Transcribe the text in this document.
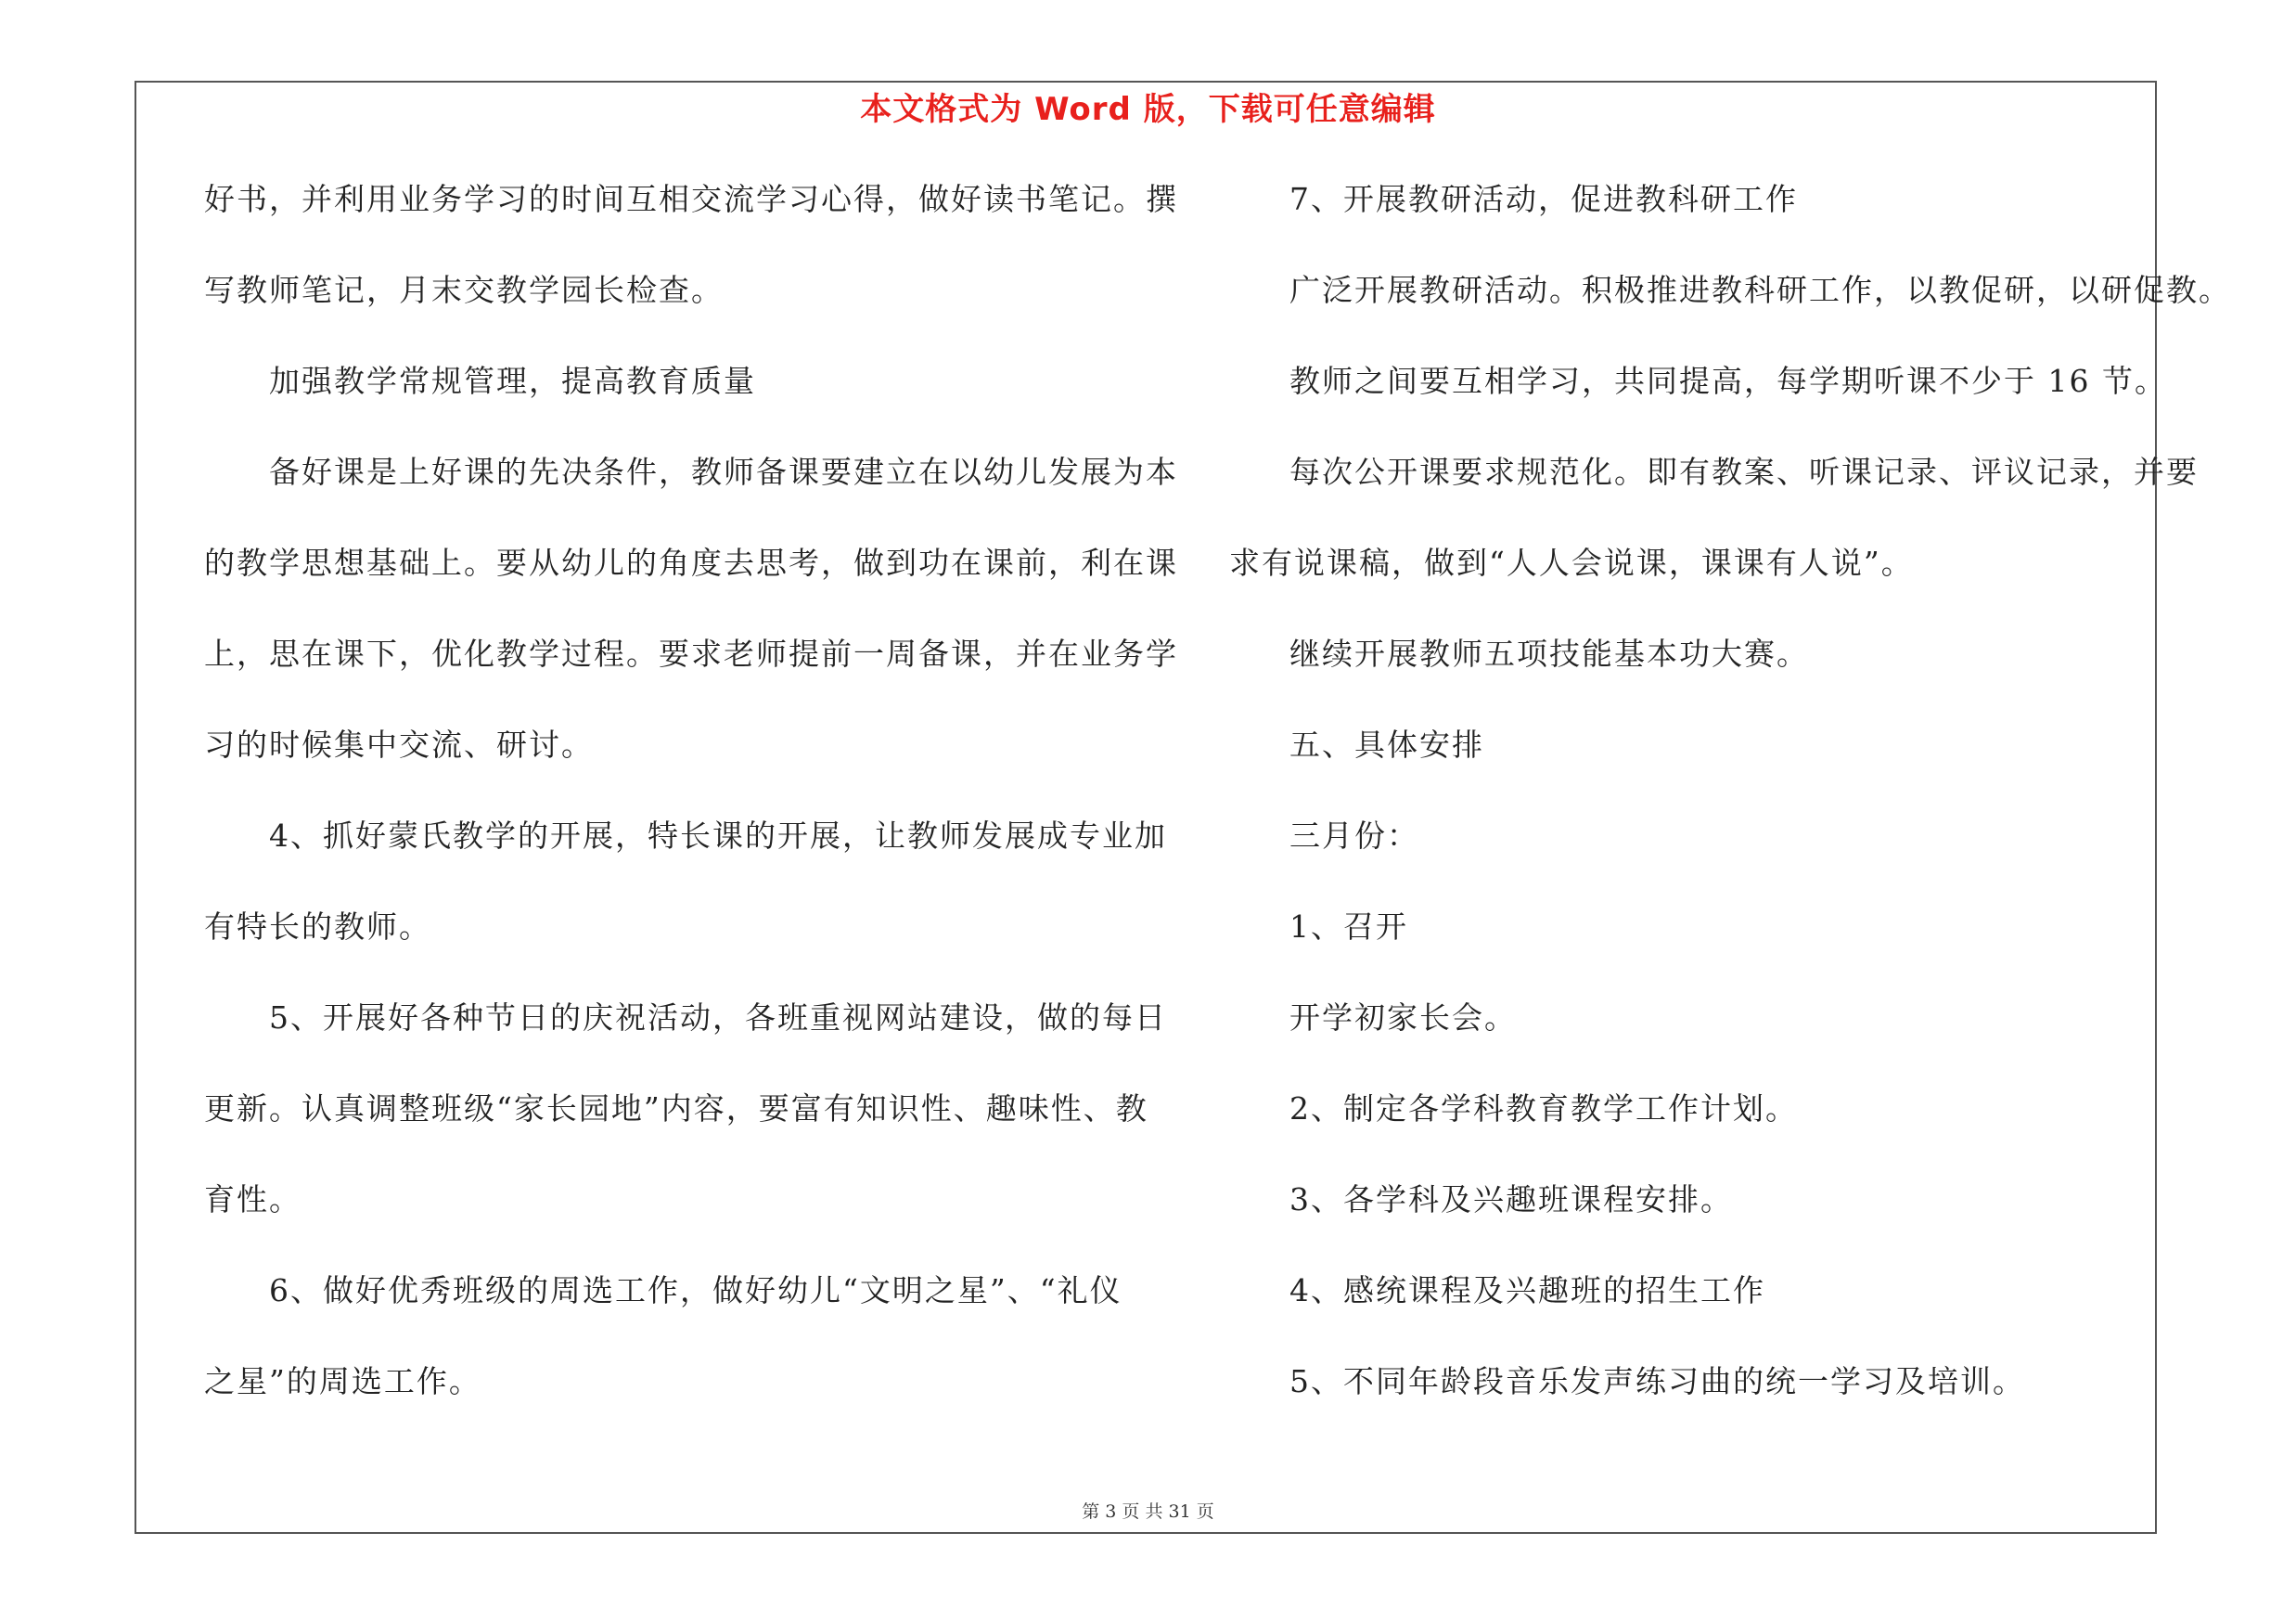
本文格式为 Word 版，下载可任意编辑
好书，并利用业务学习的时间互相交流学习心得，做好读书笔记。撰
写教师笔记，月末交教学园长检查。
加强教学常规管理，提高教育质量
备好课是上好课的先决条件，教师备课要建立在以幼儿发展为本
的教学思想基础上。要从幼儿的角度去思考，做到功在课前，利在课
上，思在课下，优化教学过程。要求老师提前一周备课，并在业务学
习的时候集中交流、研讨。
4、抓好蒙氏教学的开展，特长课的开展，让教师发展成专业加
有特长的教师。
5、开展好各种节日的庆祝活动，各班重视网站建设，做的每日
更新。认真调整班级“家长园地”内容，要富有知识性、趣味性、教
育性。
6、做好优秀班级的周选工作，做好幼儿“文明之星”、“礼仪
之星”的周选工作。
7、开展教研活动，促进教科研工作
广泛开展教研活动。积极推进教科研工作，以教促研，以研促教。
教师之间要互相学习，共同提高，每学期听课不少于 16 节。
每次公开课要求规范化。即有教案、听课记录、评议记录，并要
求有说课稿，做到“人人会说课，课课有人说”。
继续开展教师五项技能基本功大赛。
五、具体安排
三月份：
1、召开
开学初家长会。
2、制定各学科教育教学工作计划。
3、各学科及兴趣班课程安排。
4、感统课程及兴趣班的招生工作
5、不同年龄段音乐发声练习曲的统一学习及培训。
第 3 页 共 31 页
